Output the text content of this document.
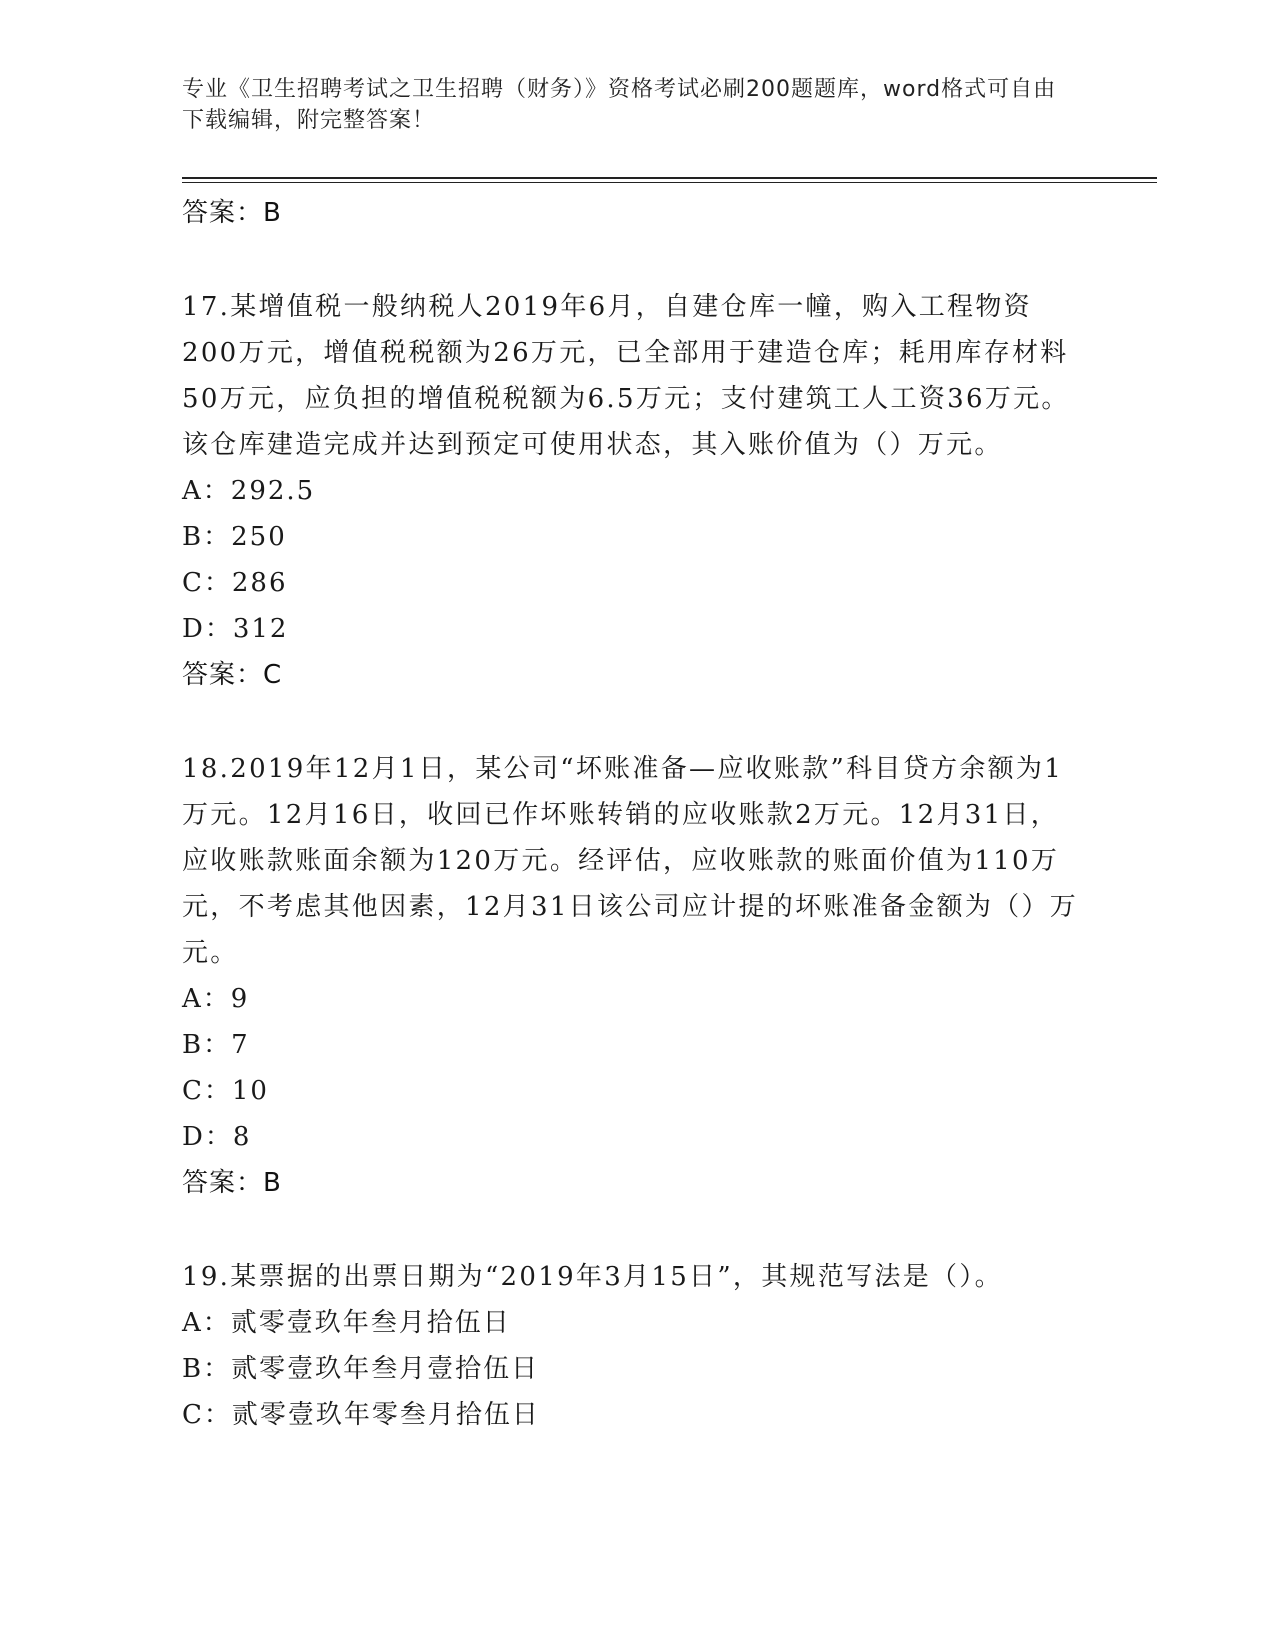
专业《卫生招聘考试之卫生招聘（财务）》资格考试必刷200题题库，word格式可自由下载编辑，附完整答案！
答案：B
17.某增值税一般纳税人2019年6月，自建仓库一幢，购入工程物资200万元，增值税税额为26万元，已全部用于建造仓库；耗用库存材料50万元，应负担的增值税税额为6.5万元；支付建筑工人工资36万元。该仓库建造完成并达到预定可使用状态，其入账价值为（）万元。
A：292.5
B：250
C：286
D：312
答案：C
18.2019年12月1日，某公司“坏账准备—应收账款”科目贷方余额为1万元。12月16日，收回已作坏账转销的应收账款2万元。12月31日，应收账款账面余额为120万元。经评估，应收账款的账面价值为110万元，不考虑其他因素，12月31日该公司应计提的坏账准备金额为（）万元。
A：9
B：7
C：10
D：8
答案：B
19.某票据的出票日期为“2019年3月15日”，其规范写法是（）。
A：贰零壹玖年叁月拾伍日
B：贰零壹玖年叁月壹拾伍日
C：贰零壹玖年零叁月拾伍日
